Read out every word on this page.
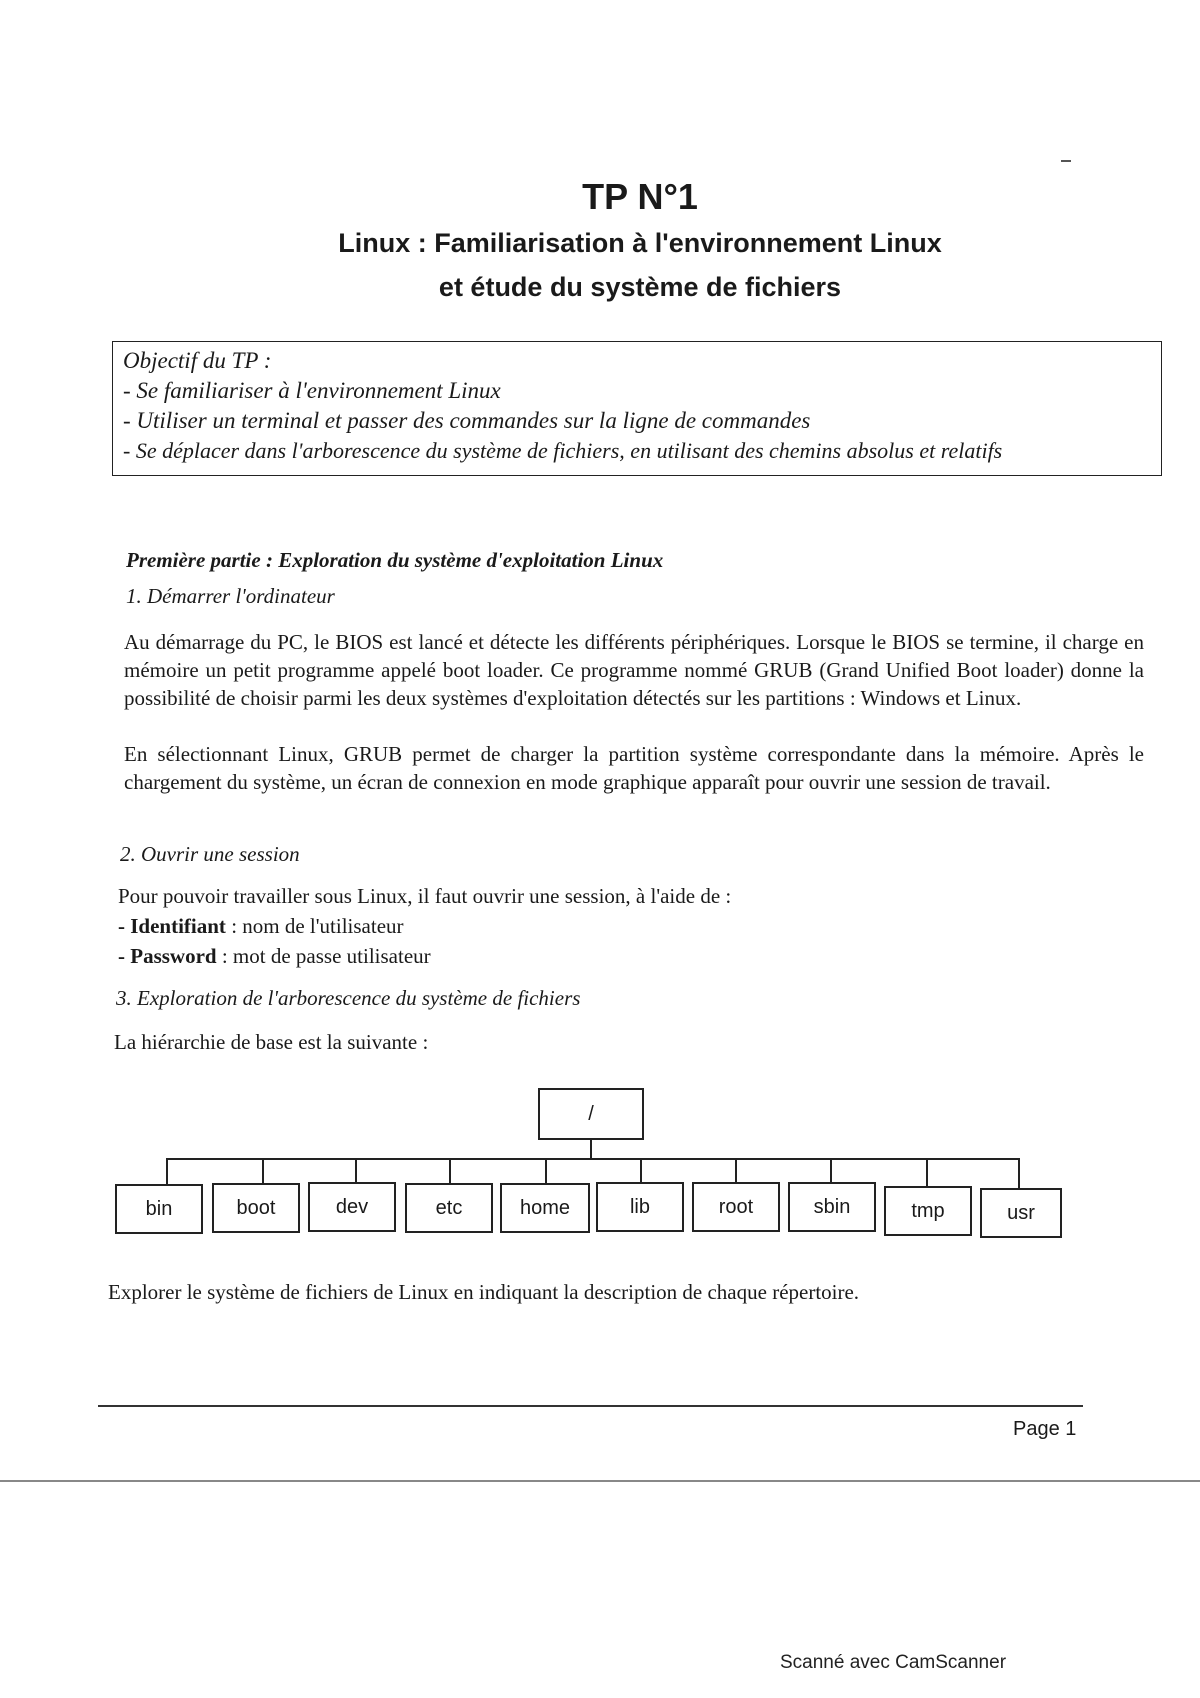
TP N°1
Linux : Familiarisation à l'environnement Linux
et étude du système de fichiers
Objectif du TP :
- Se familiariser à l'environnement Linux
- Utiliser un terminal et passer des commandes sur la ligne de commandes
- Se déplacer dans l'arborescence du système de fichiers, en utilisant des chemins absolus et relatifs
Première partie : Exploration du système d'exploitation Linux
1. Démarrer l'ordinateur
Au démarrage du PC, le BIOS est lancé et détecte les différents périphériques. Lorsque le BIOS se termine, il charge en mémoire un petit programme appelé boot loader. Ce programme nommé GRUB (Grand Unified Boot loader) donne la possibilité de choisir parmi les deux systèmes d'exploitation détectés sur les partitions : Windows et Linux.
En sélectionnant Linux, GRUB permet de charger la partition système correspondante dans la mémoire. Après le chargement du système, un écran de connexion en mode graphique apparaît pour ouvrir une session de travail.
2. Ouvrir une session
Pour pouvoir travailler sous Linux, il faut ouvrir une session, à l'aide de :
- Identifiant : nom de l'utilisateur
- Password : mot de passe utilisateur
3. Exploration de l'arborescence du système de fichiers
La hiérarchie de base est la suivante :
/
bin	boot	dev	etc	home	lib	root	sbin	tmp	usr
Explorer le système de fichiers de Linux en indiquant la description de chaque répertoire.
Page 1
Scanné avec CamScanner
